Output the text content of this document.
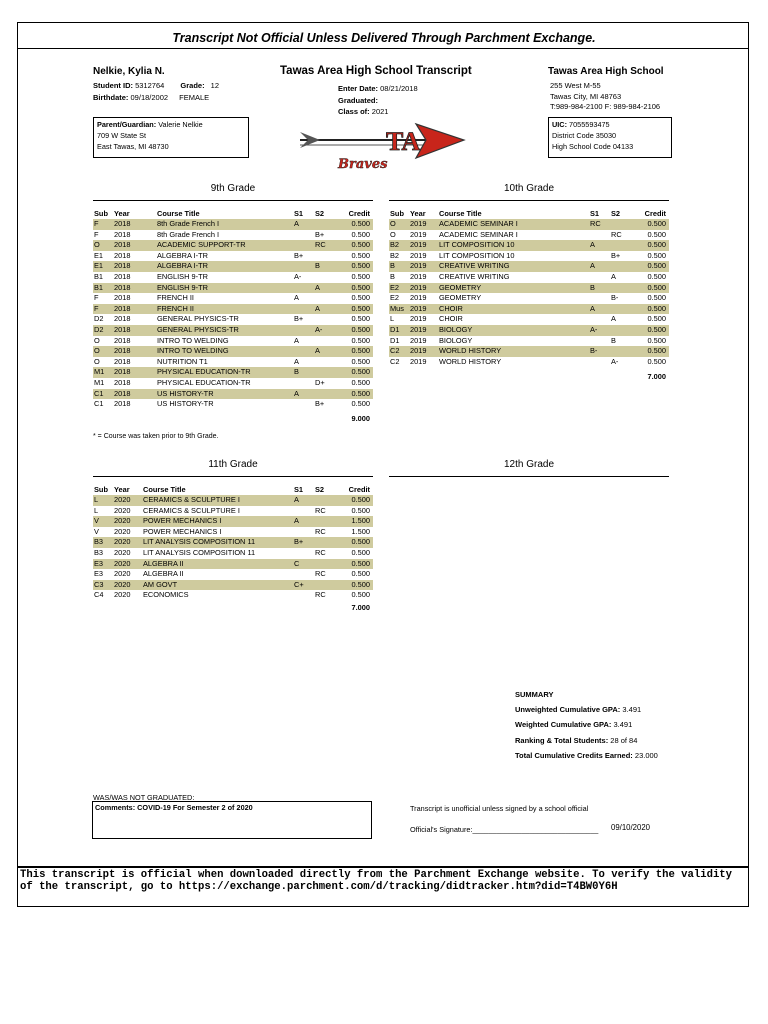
Transcript Not Official Unless Delivered Through Parchment Exchange.
Nelkie, Kylia N.
Student ID: 5312764 Grade: 12
Birthdate: 09/18/2002 FEMALE
Tawas Area High School Transcript
Enter Date: 08/21/2018
Graduated:
Class of: 2021
Tawas Area High School
255 West M-55
Tawas City, MI 48763
T:989-984-2100 F: 989-984-2106
Parent/Guardian: Valerie Nelkie
709 W State St
East Tawas, MI 48730
UIC: 7055593475
District Code 35030
High School Code 04133
TA
Braves
9th Grade
Sub	Year	Course Title	S1	S2	Credit
F	2018	8th Grade French I	A		0.500
F	2018	8th Grade French I		B+	0.500
O	2018	ACADEMIC SUPPORT-TR		RC	0.500
E1	2018	ALGEBRA I-TR	B+		0.500
E1	2018	ALGEBRA I-TR		B	0.500
B1	2018	ENGLISH 9-TR	A-		0.500
B1	2018	ENGLISH 9-TR		A	0.500
F	2018	FRENCH II	A		0.500
F	2018	FRENCH II		A	0.500
D2	2018	GENERAL PHYSICS-TR	B+		0.500
D2	2018	GENERAL PHYSICS-TR		A-	0.500
O	2018	INTRO TO WELDING	A		0.500
O	2018	INTRO TO WELDING		A	0.500
O	2018	NUTRITION T1	A		0.500
M1	2018	PHYSICAL EDUCATION-TR	B		0.500
M1	2018	PHYSICAL EDUCATION-TR		D+	0.500
C1	2018	US HISTORY-TR	A		0.500
C1	2018	US HISTORY-TR		B+	0.500
9.000
* = Course was taken prior to 9th Grade.
10th Grade
Sub	Year	Course Title	S1	S2	Credit
O	2019	ACADEMIC SEMINAR I	RC		0.500
O	2019	ACADEMIC SEMINAR I		RC	0.500
B2	2019	LIT COMPOSITION 10	A		0.500
B2	2019	LIT COMPOSITION 10		B+	0.500
B	2019	CREATIVE WRITING	A		0.500
B	2019	CREATIVE WRITING		A	0.500
E2	2019	GEOMETRY	B		0.500
E2	2019	GEOMETRY		B-	0.500
Mus	2019	CHOIR	A		0.500
L	2019	CHOIR		A	0.500
D1	2019	BIOLOGY	A-		0.500
D1	2019	BIOLOGY		B	0.500
C2	2019	WORLD HISTORY	B-		0.500
C2	2019	WORLD HISTORY		A-	0.500
7.000
11th Grade
Sub	Year	Course Title	S1	S2	Credit
L	2020	CERAMICS & SCULPTURE I	A		0.500
L	2020	CERAMICS & SCULPTURE I		RC	0.500
V	2020	POWER MECHANICS I	A		1.500
V	2020	POWER MECHANICS I		RC	1.500
B3	2020	LIT ANALYSIS COMPOSITION 11	B+		0.500
B3	2020	LIT ANALYSIS COMPOSITION 11		RC	0.500
E3	2020	ALGEBRA II	C		0.500
E3	2020	ALGEBRA II		RC	0.500
C3	2020	AM GOVT	C+		0.500
C4	2020	ECONOMICS		RC	0.500
7.000
12th Grade
SUMMARY
Unweighted Cumulative GPA: 3.491
Weighted Cumulative GPA: 3.491
Ranking & Total Students: 28 of 84
Total Cumulative Credits Earned: 23.000
WAS/WAS NOT GRADUATED:
Comments: COVID-19 For Semester 2 of 2020	Transcript is unofficial unless signed by a school official
Official's Signature:_______________________________ 09/10/2020
This transcript is official when downloaded directly from the Parchment Exchange website. To verify the validity of the transcript, go to https://exchange.parchment.com/d/tracking/didtracker.htm?did=T4BW0Y6H
